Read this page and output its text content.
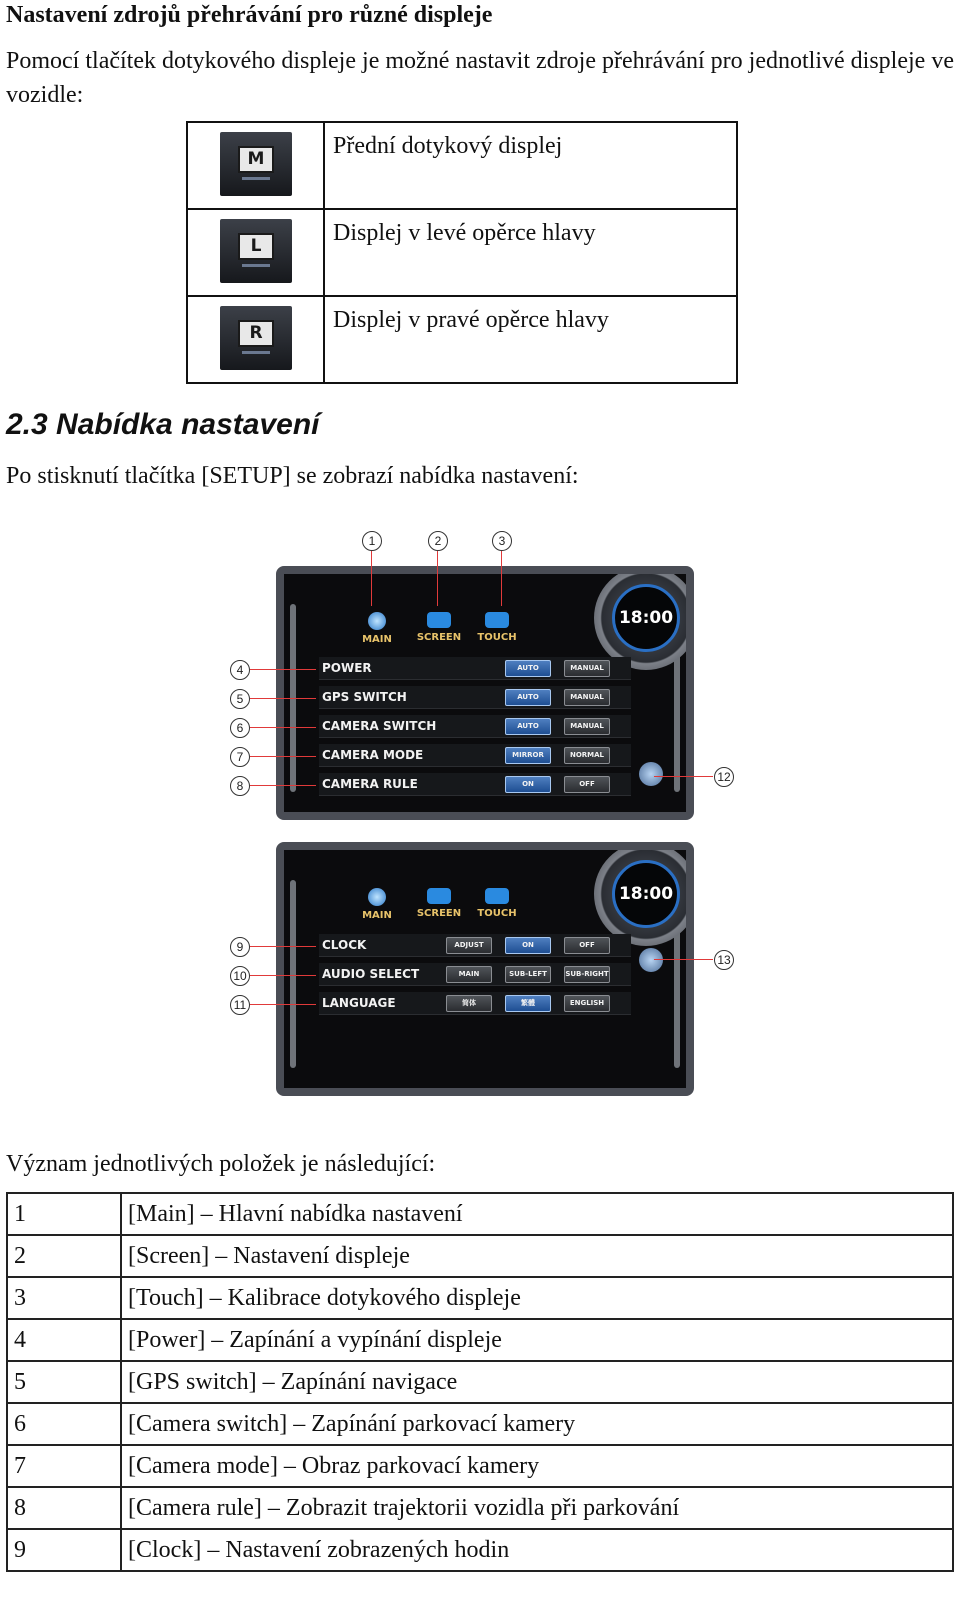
Nastavení zdrojů přehrávání pro různé displeje
Pomocí tlačítek dotykového displeje je možné nastavit zdroje přehrávání pro jednotlivé displeje ve vozidle:
M	Přední dotykový displej

L	Displej v levé opěrce hlavy

R	Displej v pravé opěrce hlavy
2.3 Nabídka nastavení
Po stisknutí tlačítka [SETUP] se zobrazí nabídka nastavení:
MAIN	SCREEN	TOUCH
18:00
POWER	AUTO	MANUAL
GPS SWITCH	AUTO	MANUAL
CAMERA SWITCH	AUTO	MANUAL
CAMERA MODE	MIRROR	NORMAL
CAMERA RULE	ON	OFF
MAIN	SCREEN	TOUCH
18:00
CLOCK	ADJUST	ON	OFF
AUDIO SELECT	MAIN	SUB-LEFT	SUB-RIGHT
LANGUAGE	简体	繁體	ENGLISH
1	2	3
4
5
6
7
8
12
9
10
11
13
Význam jednotlivých položek je následující:
1	[Main] – Hlavní nabídka nastavení
2	[Screen] – Nastavení displeje
3	[Touch] – Kalibrace dotykového displeje
4	[Power] – Zapínání a vypínání displeje
5	[GPS switch] – Zapínání navigace
6	[Camera switch] – Zapínání parkovací kamery
7	[Camera mode] – Obraz parkovací kamery
8	[Camera rule] – Zobrazit trajektorii vozidla při parkování
9	[Clock] – Nastavení zobrazených hodin
